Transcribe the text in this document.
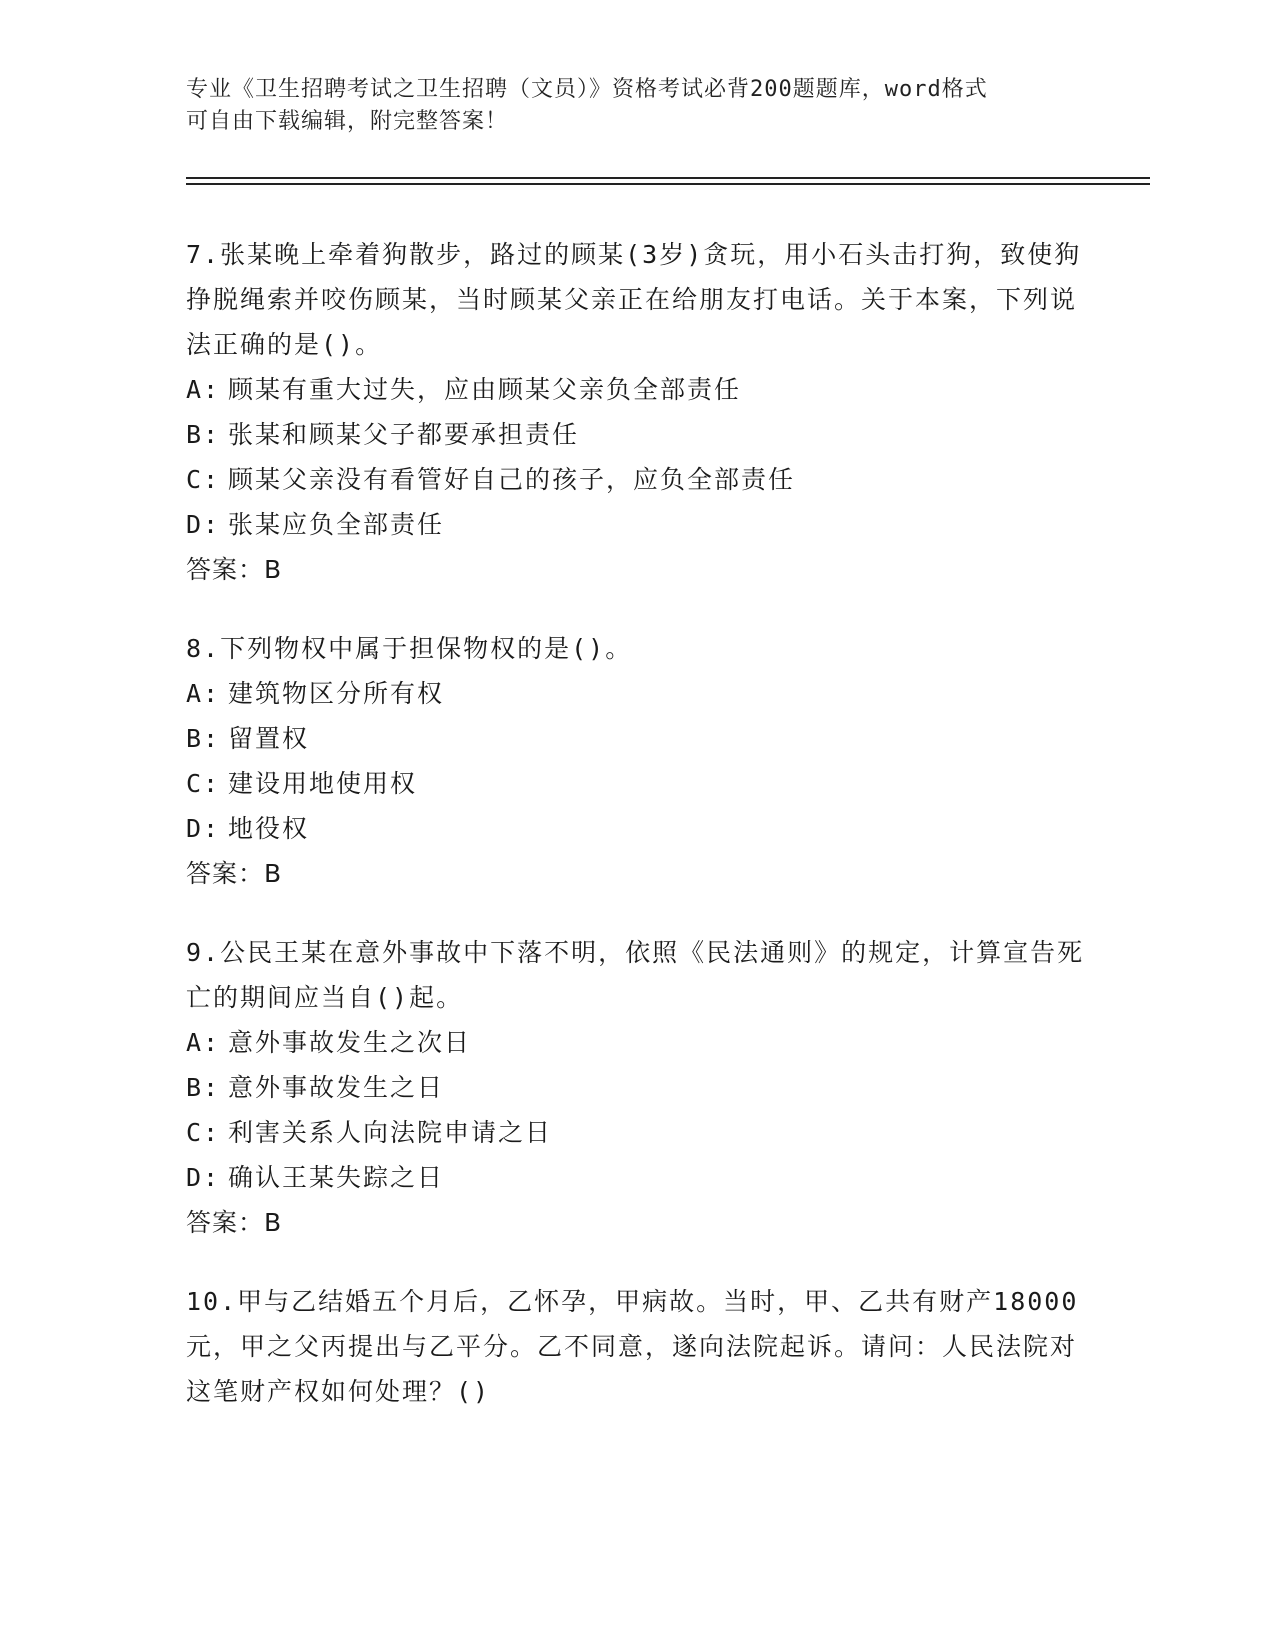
专业《卫生招聘考试之卫生招聘（文员）》资格考试必背200题题库，word格式
可自由下载编辑，附完整答案！

7.张某晚上牵着狗散步，路过的顾某(3岁)贪玩，用小石头击打狗，致使狗挣脱绳索并咬伤顾某，当时顾某父亲正在给朋友打电话。关于本案，下列说法正确的是()。

A: 顾某有重大过失，应由顾某父亲负全部责任

B: 张某和顾某父子都要承担责任

C: 顾某父亲没有看管好自己的孩子，应负全部责任

D: 张某应负全部责任

答案：B

8.下列物权中属于担保物权的是()。

A: 建筑物区分所有权

B: 留置权

C: 建设用地使用权

D: 地役权

答案：B

9.公民王某在意外事故中下落不明，依照《民法通则》的规定，计算宣告死亡的期间应当自()起。

A: 意外事故发生之次日

B: 意外事故发生之日

C: 利害关系人向法院申请之日

D: 确认王某失踪之日

答案：B

10.甲与乙结婚五个月后，乙怀孕，甲病故。当时，甲、乙共有财产18000元，甲之父丙提出与乙平分。乙不同意，遂向法院起诉。请问：人民法院对这笔财产权如何处理？()
